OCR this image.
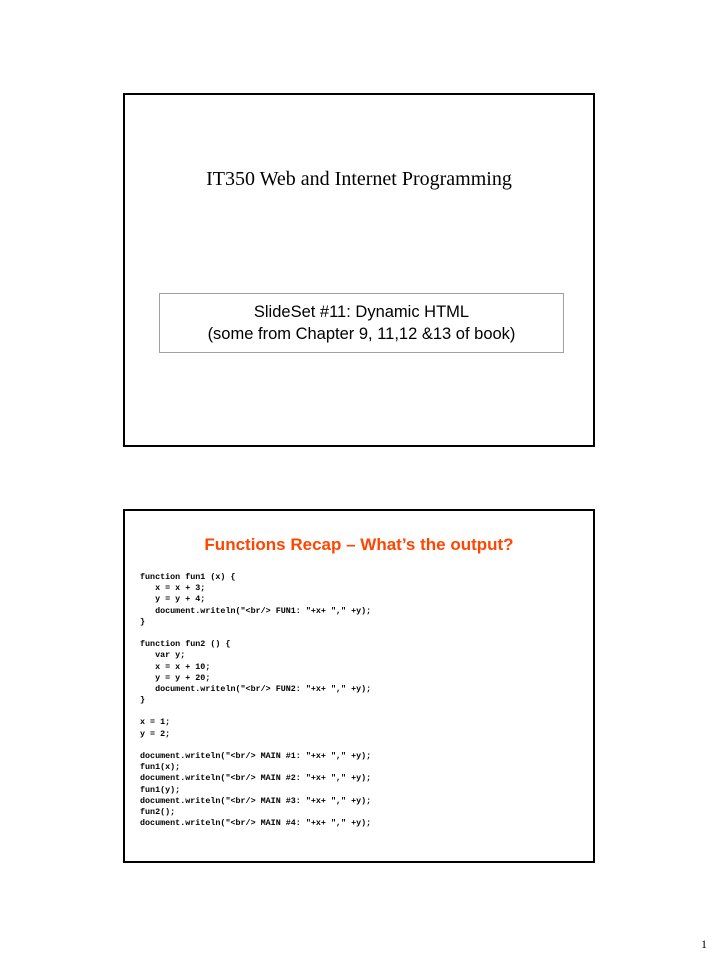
IT350 Web and Internet Programming
SlideSet #11: Dynamic HTML
(some from Chapter 9, 11,12 &13 of book)
Functions Recap – What’s the output?
function fun1 (x) {
x = x + 3;
y = y + 4;
document.writeln("<br/> FUN1: "+x+ "," +y);
}
function fun2 () {
var y;
x = x + 10;
y = y + 20;
document.writeln("<br/> FUN2: "+x+ "," +y);
}
x = 1;
y = 2;
document.writeln("<br/> MAIN #1: "+x+ "," +y);
fun1(x);
document.writeln("<br/> MAIN #2: "+x+ "," +y);
fun1(y);
document.writeln("<br/> MAIN #3: "+x+ "," +y);
fun2();
document.writeln("<br/> MAIN #4: "+x+ "," +y);
1
